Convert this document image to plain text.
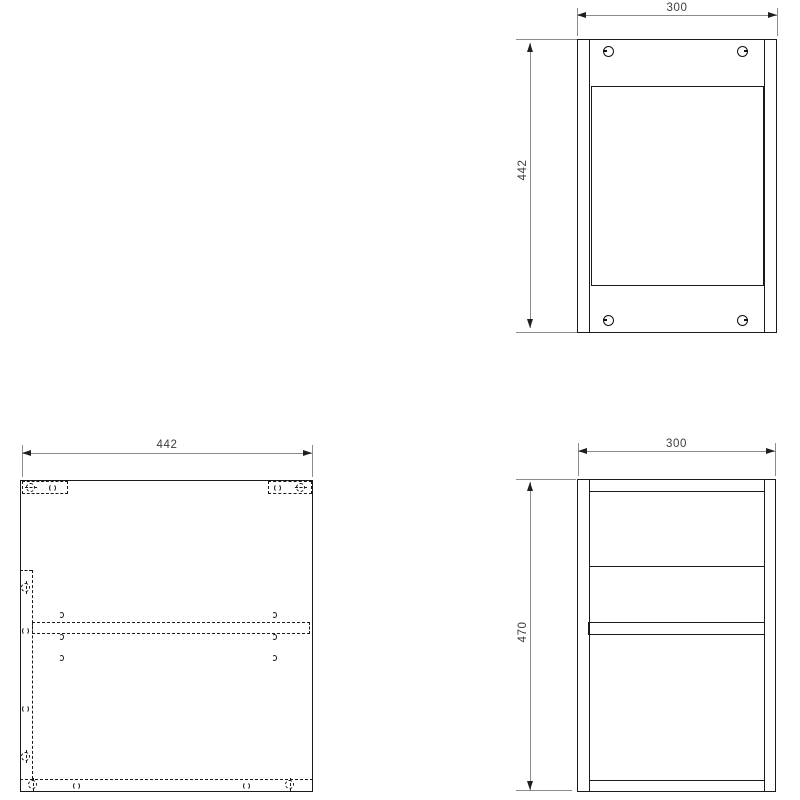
300
442
300
470
442
